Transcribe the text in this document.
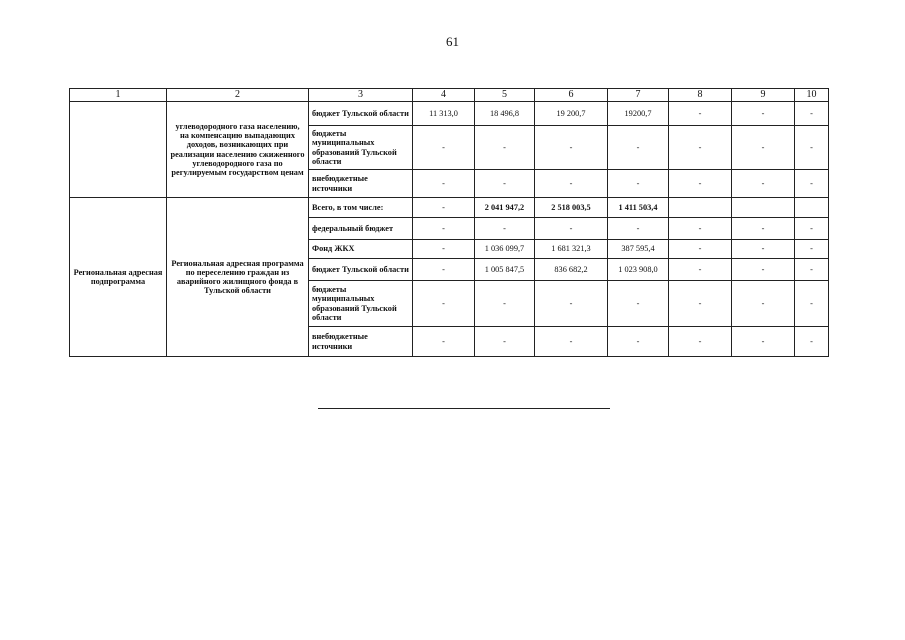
61
1	2	3	4	5	6	7	8	9	10
	углеводородного газа населению, на компенсацию выпадающих доходов, возникающих при реализации населению сжиженного углеводородного газа по регулируемым государством ценам	бюджет Тульской области	11 313,0	18 496,8	19 200,7	19200,7	-	-	-
		бюджеты муниципальных образований Тульской области	-	-	-	-	-	-	-
		внебюджетные источники	-	-	-	-	-	-	-
Региональная адресная подпрограмма	Региональная адресная программа по переселению граждан из аварийного жилищного фонда в Тульской области	Всего, в том числе:	-	2 041 947,2	2 518 003,5	1 411 503,4			
		федеральный бюджет	-	-	-	-	-	-	-
		Фонд ЖКХ	-	1 036 099,7	1 681 321,3	387 595,4	-	-	-
		бюджет Тульской области	-	1 005 847,5	836 682,2	1 023 908,0	-	-	-
		бюджеты муниципальных образований Тульской области	-	-	-	-	-	-	-
		внебюджетные источники	-	-	-	-	-	-	-
